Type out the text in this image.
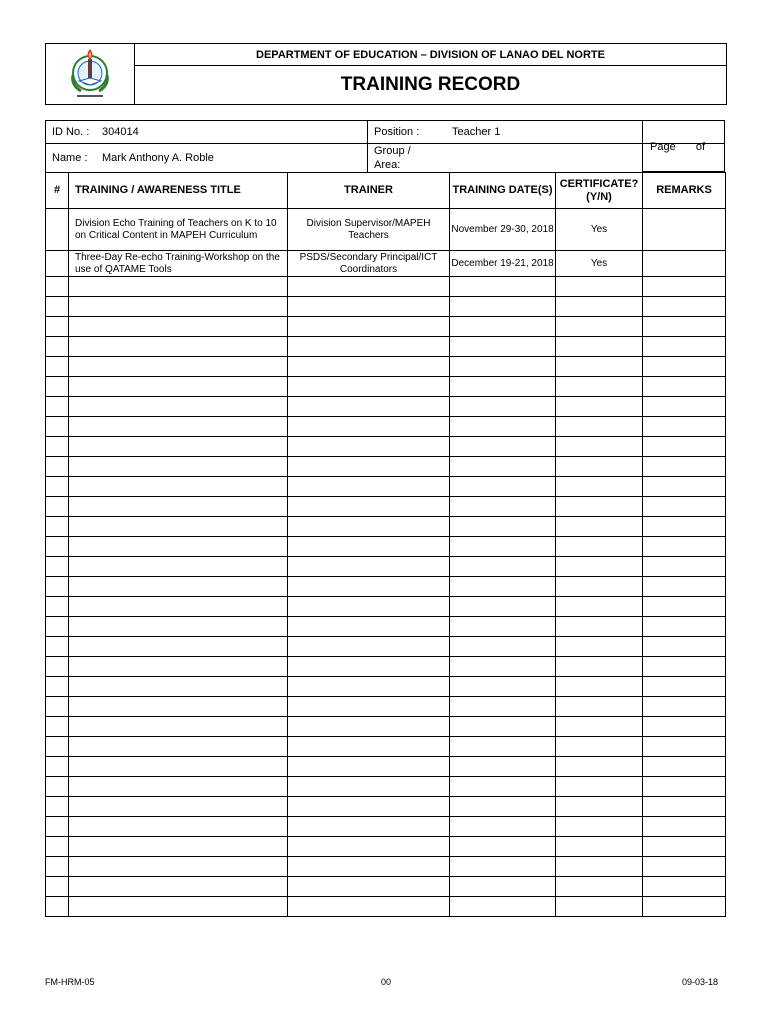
DEPARTMENT OF EDUCATION – DIVISION OF LANAO DEL NORTE
TRAINING RECORD
ID No. :	304014	Position :	Teacher 1
Name :	Mark Anthony A. Roble
Group /
Area:
Page of
#	TRAINING / AWARENESS TITLE	TRAINER	TRAINING DATE(S)	CERTIFICATE? (Y/N)	REMARKS
	Division Echo Training of Teachers on K to 10 on Critical Content in MAPEH Curriculum	Division Supervisor/MAPEH Teachers	November 29-30, 2018	Yes	
	Three-Day Re-echo Training-Workshop on the use of QATAME Tools	PSDS/Secondary Principal/ICT Coordinators	December 19-21, 2018	Yes	

FM-HRM-05	00	09-03-18
